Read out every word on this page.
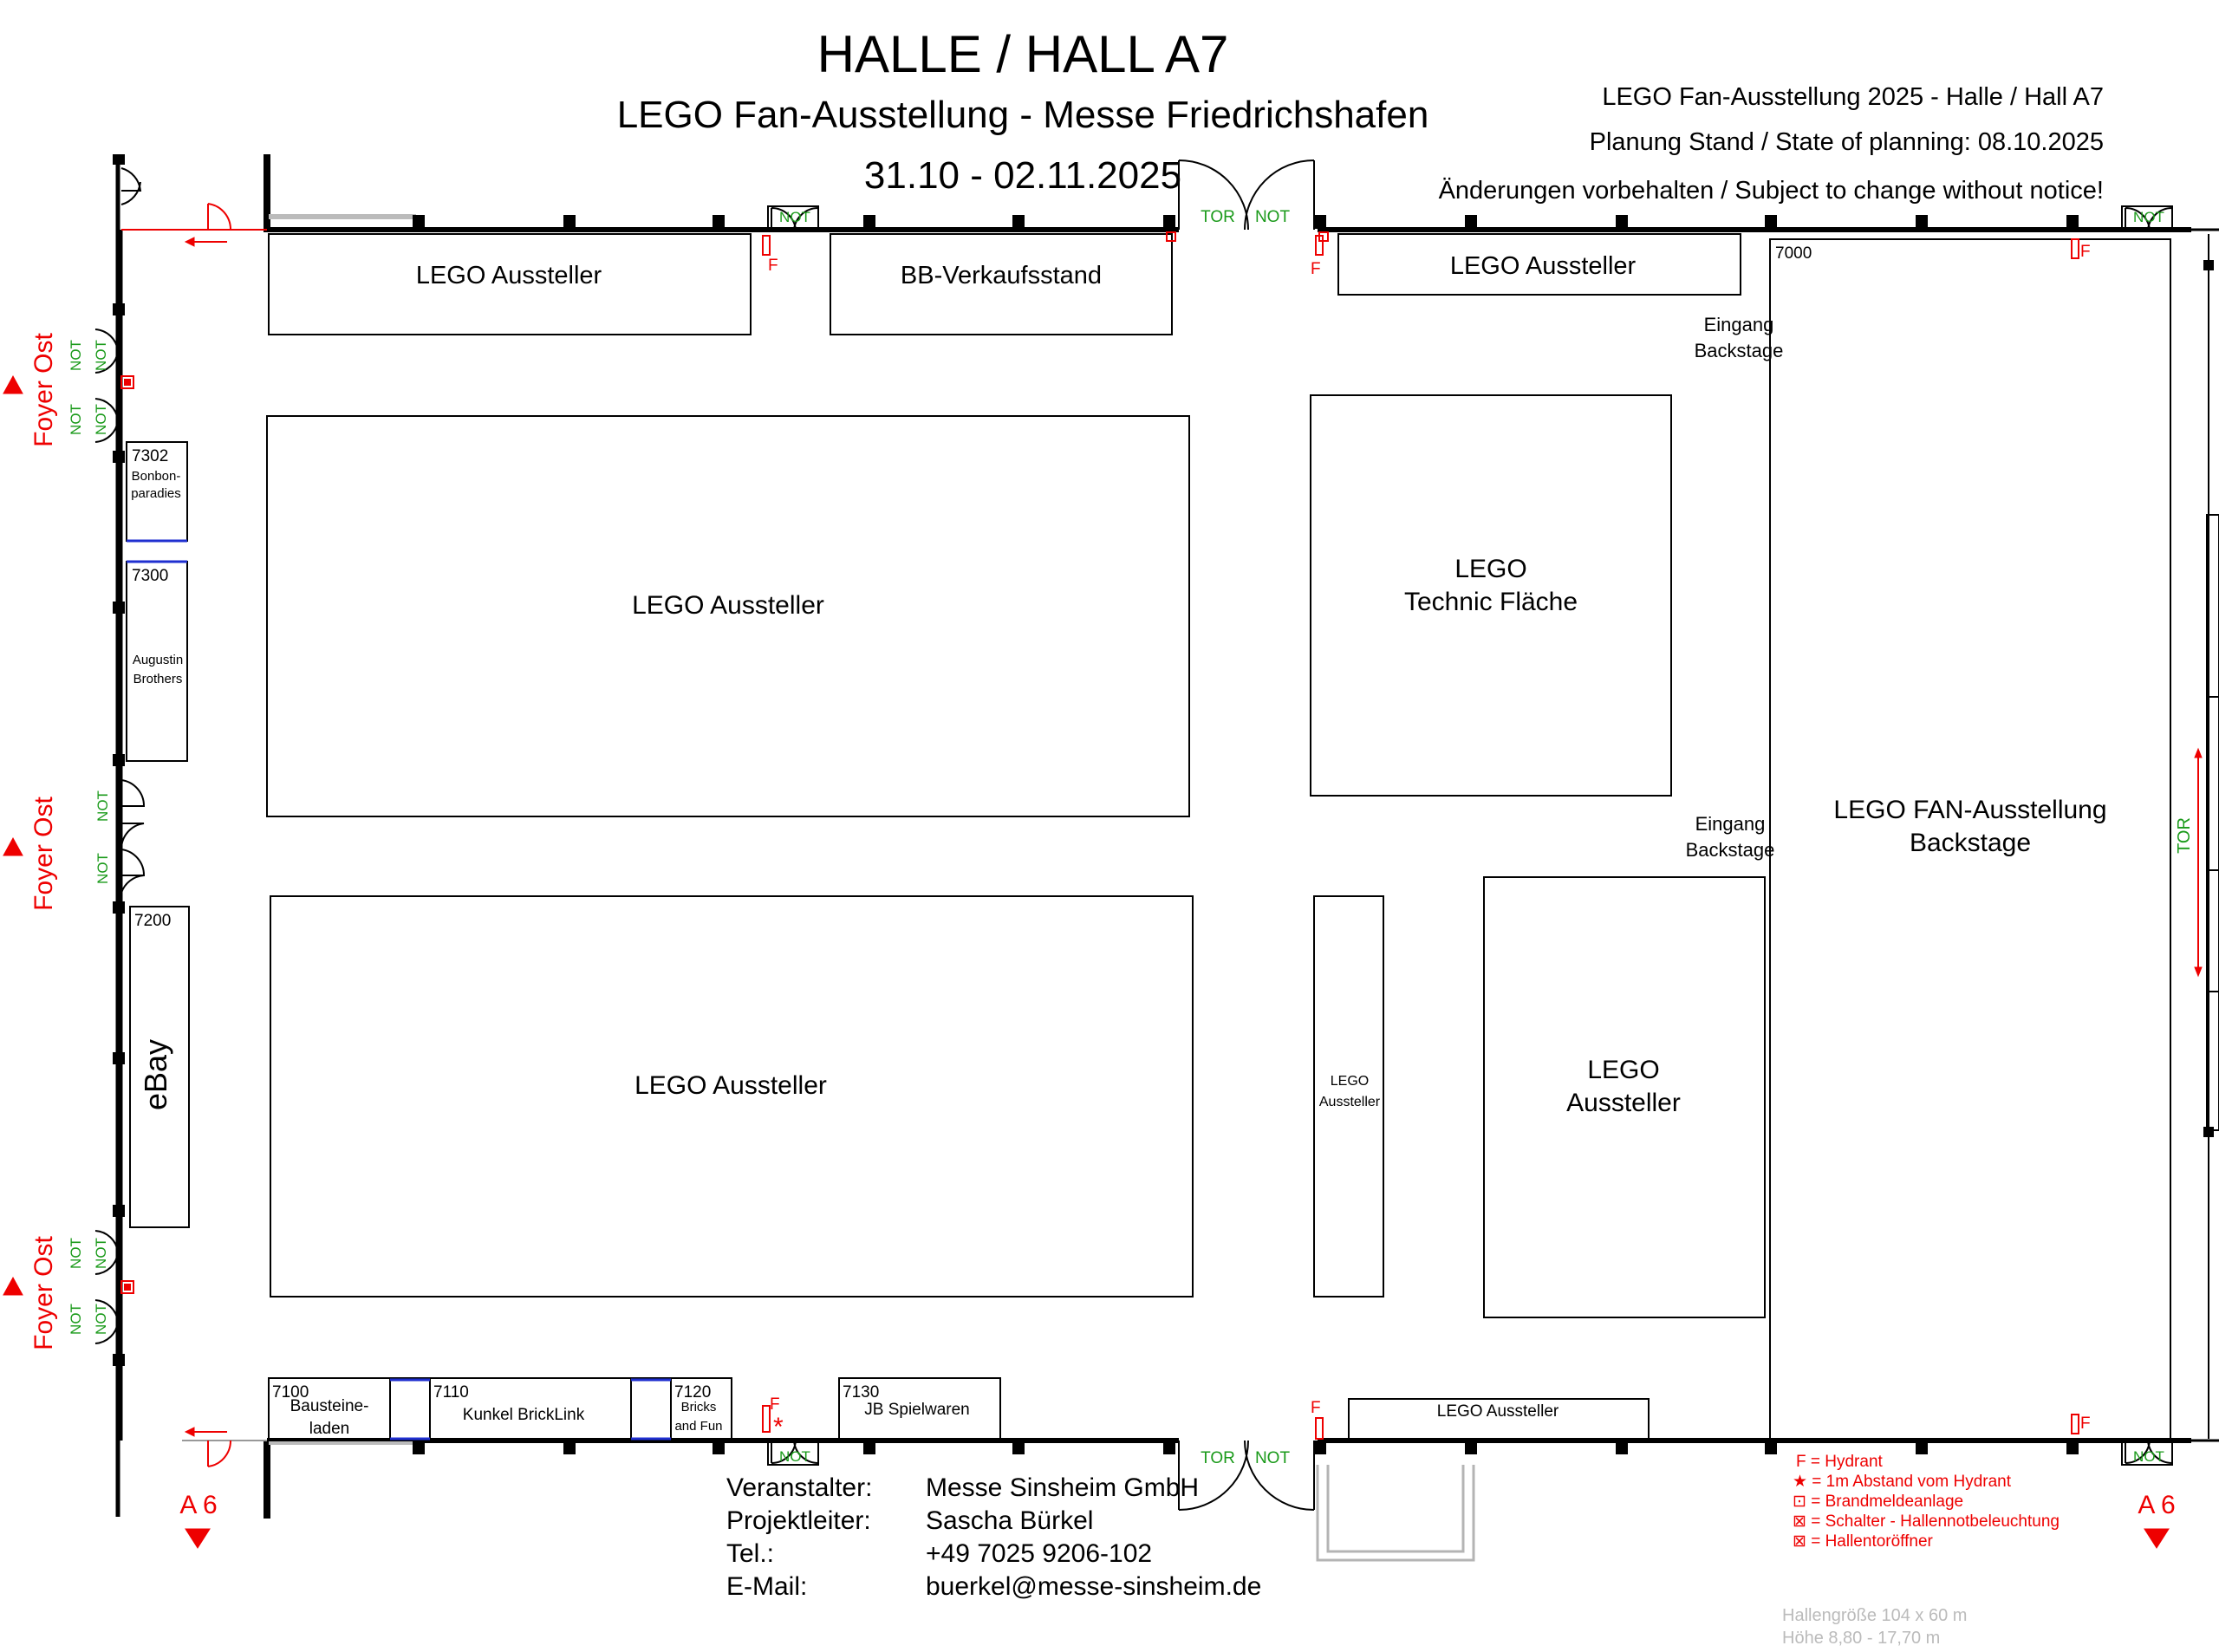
LEGO Aussteller	BB-Verkaufsstand	LEGO Aussteller
LEGO Aussteller
LEGO Aussteller
LEGO
Technic Fläche
LEGO
Aussteller
LEGO
Aussteller
7000
LEGO FAN-Ausstellung
Backstage
Eingang
Backstage
Eingang
Backstage
7302
Bonbon-
paradies
7300
Augustin
Brothers
7200
eBay
7100
Bausteine-
laden
7110
Kunkel BrickLink
7120
Bricks
and Fun
7130
JB Spielwaren	LEGO Aussteller
NOT	NOT
NOT	NOT
TOR NOT
TOR NOT
NOT NOT
NOT NOT
NOT
NOT
NOT NOT
NOT NOT
TOR
F	F
F
F	F
F
*
Foyer Ost
Foyer Ost
Foyer Ost
A 6	A 6
F = Hydrant
★ = 1m Abstand vom Hydrant
⊡ = Brandmeldeanlage
⊠ = Schalter - Hallennotbeleuchtung
⊠ = Hallentoröffner
Hallengröße 104 x 60 m
Höhe 8,80 - 17,70 m
HALLE / HALL A7
LEGO Fan-Ausstellung - Messe Friedrichshafen
31.10 - 02.11.2025
LEGO Fan-Ausstellung 2025 - Halle / Hall A7
Planung Stand / State of planning: 08.10.2025
Änderungen vorbehalten / Subject to change without notice!
Veranstalter: Messe Sinsheim GmbH
Projektleiter: Sascha Bürkel
Tel.:	+49 7025 9206-102
E-Mail:	buerkel@messe-sinsheim.de
